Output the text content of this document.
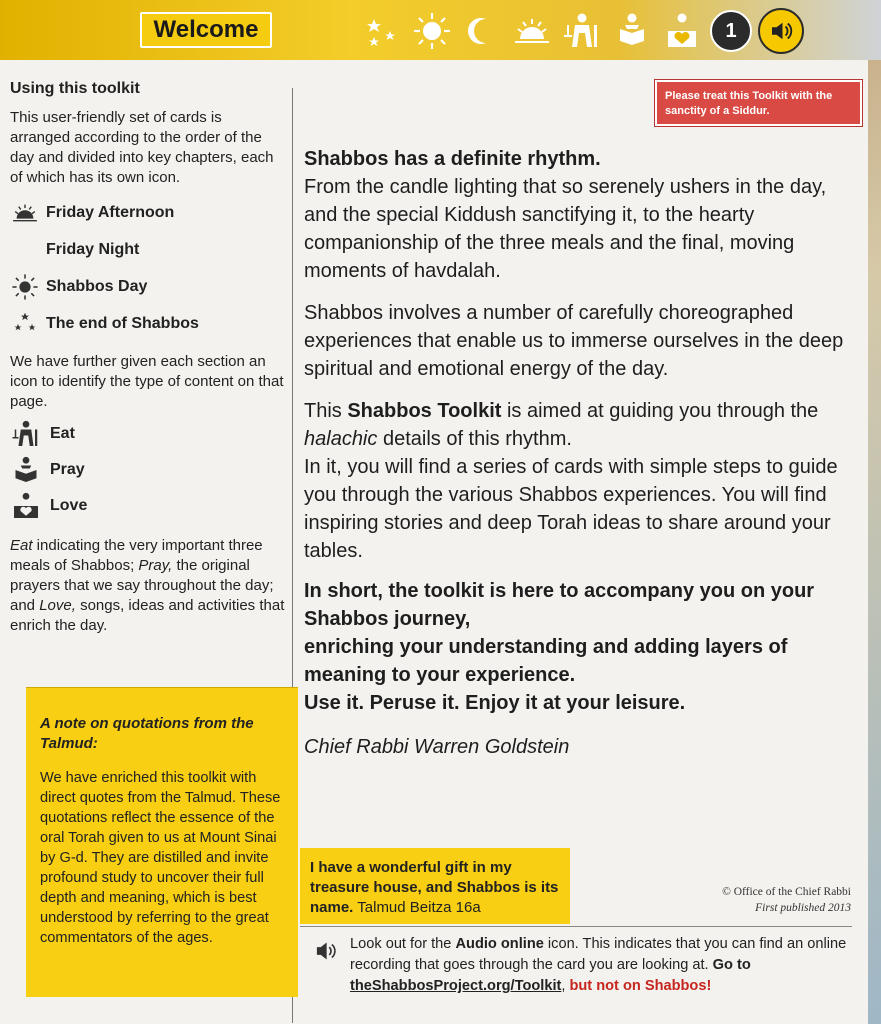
Welcome	1
Using this toolkit

This user-friendly set of cards is arranged according to the order of the day and divided into key chapters, each of which has its own icon.

Friday Afternoon
Friday Night
Shabbos Day
The end of Shabbos

We have further given each section an icon to identify the type of content on that page.

Eat
Pray
Love

Eat indicating the very important three meals of Shabbos; Pray, the original prayers that we say throughout the day; and Love, songs, ideas and activities that enrich the day.

A note on quotations from the Talmud:

We have enriched this toolkit with direct quotes from the Talmud. These quotations reflect the essence of the oral Torah given to us at Mount Sinai by G-d. They are distilled and invite profound study to uncover their full depth and meaning, which is best understood by referring to the great commentators of the ages.

Please treat this Toolkit with the sanctity of a Siddur.

Shabbos has a definite rhythm.
From the candle lighting that so serenely ushers in the day, and the special Kiddush sanctifying it, to the hearty companionship of the three meals and the final, moving moments of havdalah.

Shabbos involves a number of carefully choreographed experiences that enable us to immerse ourselves in the deep spiritual and emotional energy of the day.

This Shabbos Toolkit is aimed at guiding you through the halachic details of this rhythm.
In it, you will find a series of cards with simple steps to guide you through the various Shabbos experiences. You will find inspiring stories and deep Torah ideas to share around your tables.

In short, the toolkit is here to accompany you on your Shabbos journey,
enriching your understanding and adding layers of meaning to your experience.
Use it. Peruse it. Enjoy it at your leisure.

Chief Rabbi Warren Goldstein

I have a wonderful gift in my treasure house, and Shabbos is its name. Talmud Beitza 16a
© Office of the Chief Rabbi
First published 2013
Look out for the Audio online icon. This indicates that you can find an online recording that goes through the card you are looking at. Go to theShabbosProject.org/Toolkit, but not on Shabbos!
